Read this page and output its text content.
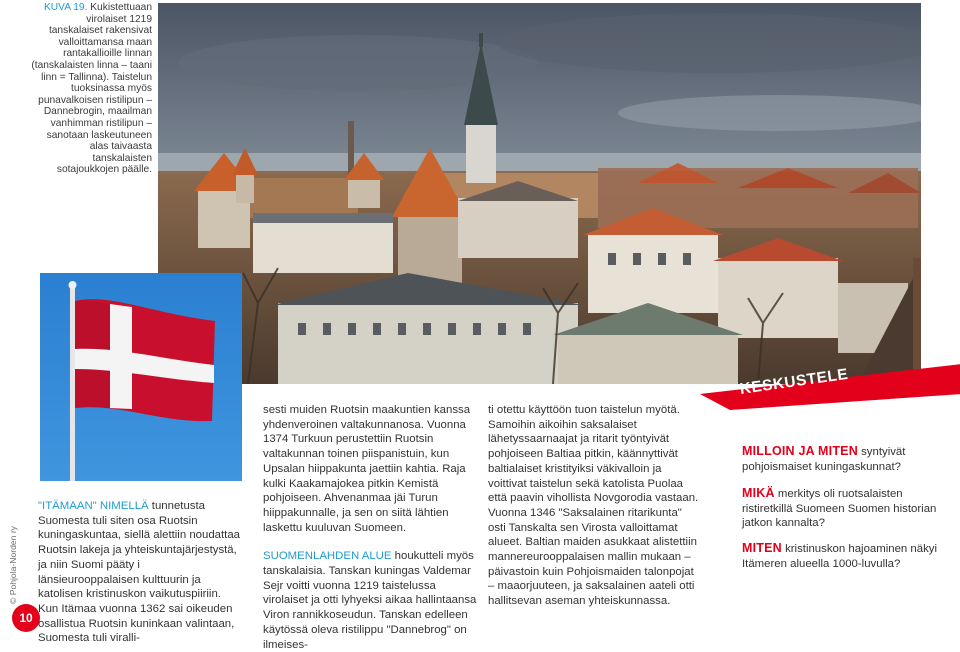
KUVA 19. Kukistettuaan virolaiset 1219 tanskalaiset rakensivat valloittamansa maan rantakallioille linnan (tanskalaisten linna – taani linn = Tallinna). Taistelun tuoksinassa myös punavalkoisen ristilipun – Dannebrogin, maailman vanhimman ristilipun – sanotaan laskeutuneen alas taivaasta tanskalaisten sotajoukkojen päälle.
© Pohjola-Norden ry
10

"ITÄMAAN" NIMELLÄ tunnetusta Suomesta tuli siten osa Ruotsin kuningaskuntaa, siellä alettiin noudattaa Ruotsin lakeja ja yhteiskuntajärjestystä, ja niin Suomi pääty i länsieurooppalaisen kulttuurin ja katolisen kristinuskon vaikutuspiiriin. Kun Itämaa vuonna 1362 sai oikeuden osallistua Ruotsin kuninkaan valintaan, Suomesta tuli viralli-

sesti muiden Ruotsin maakuntien kanssa yhdenveroinen valtakunnanosa. Vuonna 1374 Turkuun perustettiin Ruotsin valtakunnan toinen piispanistuin, kun Upsalan hiippakunta jaettiin kahtia. Raja kulki Kaakamajokea pitkin Kemistä pohjoiseen. Ahvenanmaa jäi Turun hiippakunnalle, ja sen on siitä lähtien laskettu kuuluvan Suomeen.

SUOMENLAHDEN ALUE houkutteli myös tanskalaisia. Tanskan kuningas Valdemar Sejr voitti vuonna 1219 taistelussa virolaiset ja otti lyhyeksi aikaa hallintaansa Viron rannikkoseudun. Tanskan edelleen käytössä oleva ristilippu "Dannebrog" on ilmeises-

ti otettu käyttöön tuon taistelun myötä. Samoihin aikoihin saksalaiset lähetyssaarnaajat ja ritarit työntyivät pohjoiseen Baltiaa pitkin, käännyttivät baltialaiset kristityiksi väkivalloin ja voittivat taistelun sekä katolista Puolaa että paavin vihollista Novgorodia vastaan. Vuonna 1346 "Saksalainen ritarikunta" osti Tanskalta sen Virosta valloittamat alueet. Baltian maiden asukkaat alistettiin mannereurooppalaisen mallin mukaan – päivastoin kuin Pohjoismaiden talonpojat – maaorjuuteen, ja saksalainen aateli otti hallitsevan aseman yhteiskunnassa.

KESKUSTELE
MILLOIN JA MITEN syntyivät pohjoismaiset kuningaskunnat?
MIKÄ merkitys oli ruotsalaisten ristiretkillä Suomeen Suomen historian jatkon kannalta?
MITEN kristinuskon hajoaminen näkyi Itämeren alueella 1000-luvulla?
